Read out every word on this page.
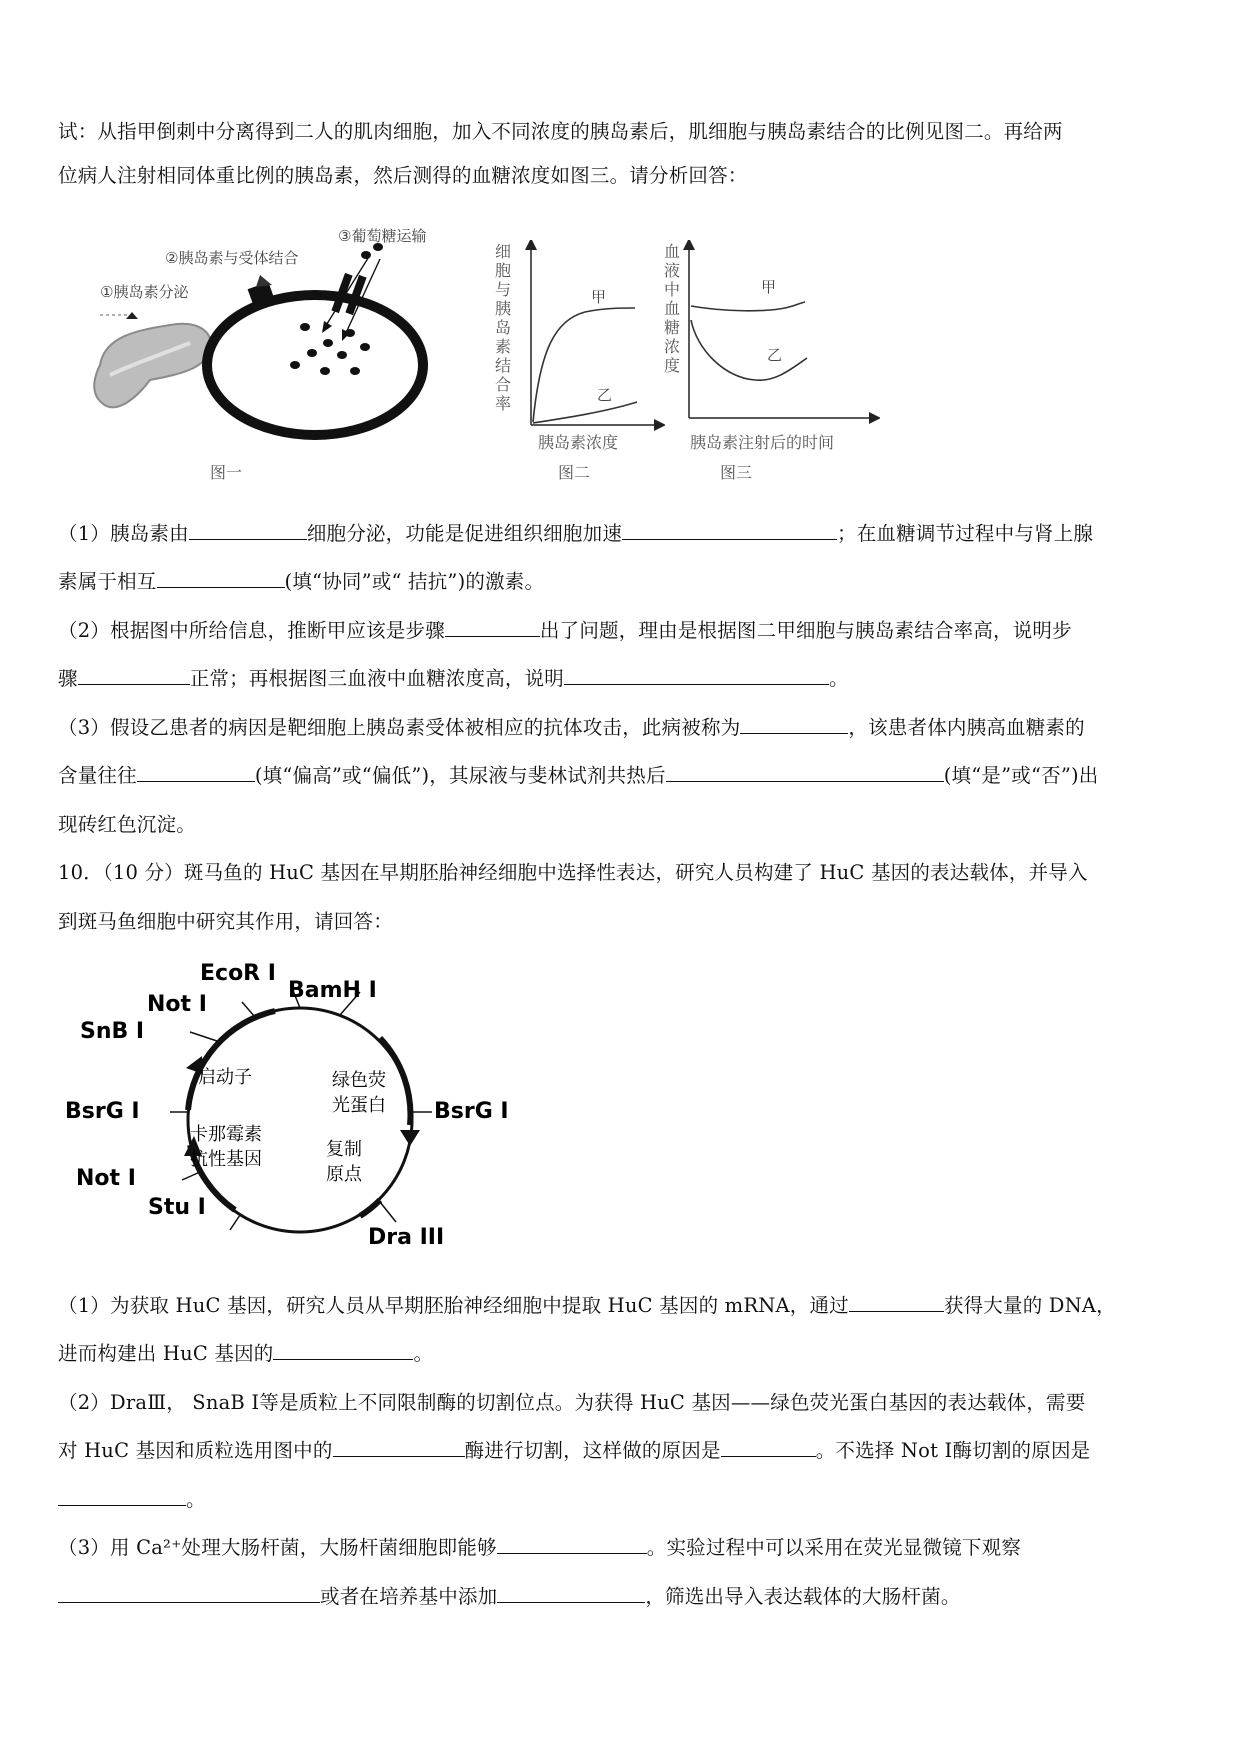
试：从指甲倒刺中分离得到二人的肌肉细胞，加入不同浓度的胰岛素后，肌细胞与胰岛素结合的比例见图二。再给两
位病人注射相同体重比例的胰岛素，然后测得的血糖浓度如图三。请分析回答：
①胰岛素分泌
②胰岛素与受体结合
③葡萄糖运输
图一
甲
乙
细胞与胰岛素结合率
胰岛素浓度
图二
甲
乙
血液中血糖浓度
胰岛素注射后的时间
图三
（1）胰岛素由	细胞分泌，功能是促进组织细胞加速	；在血糖调节过程中与肾上腺
素属于相互	(填“协同”或“ 拮抗”)的激素。
（2）根据图中所给信息，推断甲应该是步骤	出了问题，理由是根据图二甲细胞与胰岛素结合率高，说明步
骤	正常；再根据图三血液中血糖浓度高，说明	。
（3）假设乙患者的病因是靶细胞上胰岛素受体被相应的抗体攻击，此病被称为	，该患者体内胰高血糖素的
含量往往	(填“偏高”或“偏低”)，其尿液与斐林试剂共热后	(填“是”或“否”)出
现砖红色沉淀。
10．（10 分）斑马鱼的 HuC 基因在早期胚胎神经细胞中选择性表达，研究人员构建了 HuC 基因的表达载体，并导入
到斑马鱼细胞中研究其作用，请回答：
EcoR I
BamH I
Not I
SnB I
BsrG I	BsrG I
Not I
Stu I
Dra III
启动子	绿色荧
光蛋白
卡那霉素
抗性基因	复制
原点
（1）为获取 HuC 基因，研究人员从早期胚胎神经细胞中提取 HuC 基因的 mRNA，通过	获得大量的 DNA，
进而构建出 HuC 基因的	。
（2）DraⅢ， SnaB Ⅰ等是质粒上不同限制酶的切割位点。为获得 HuC 基因——绿色荧光蛋白基因的表达载体，需要
对 HuC 基因和质粒选用图中的	酶进行切割，这样做的原因是	。不选择 Not Ⅰ酶切割的原因是
。
（3）用 Ca²⁺处理大肠杆菌，大肠杆菌细胞即能够	。实验过程中可以采用在荧光显微镜下观察
或者在培养基中添加	，筛选出导入表达载体的大肠杆菌。
